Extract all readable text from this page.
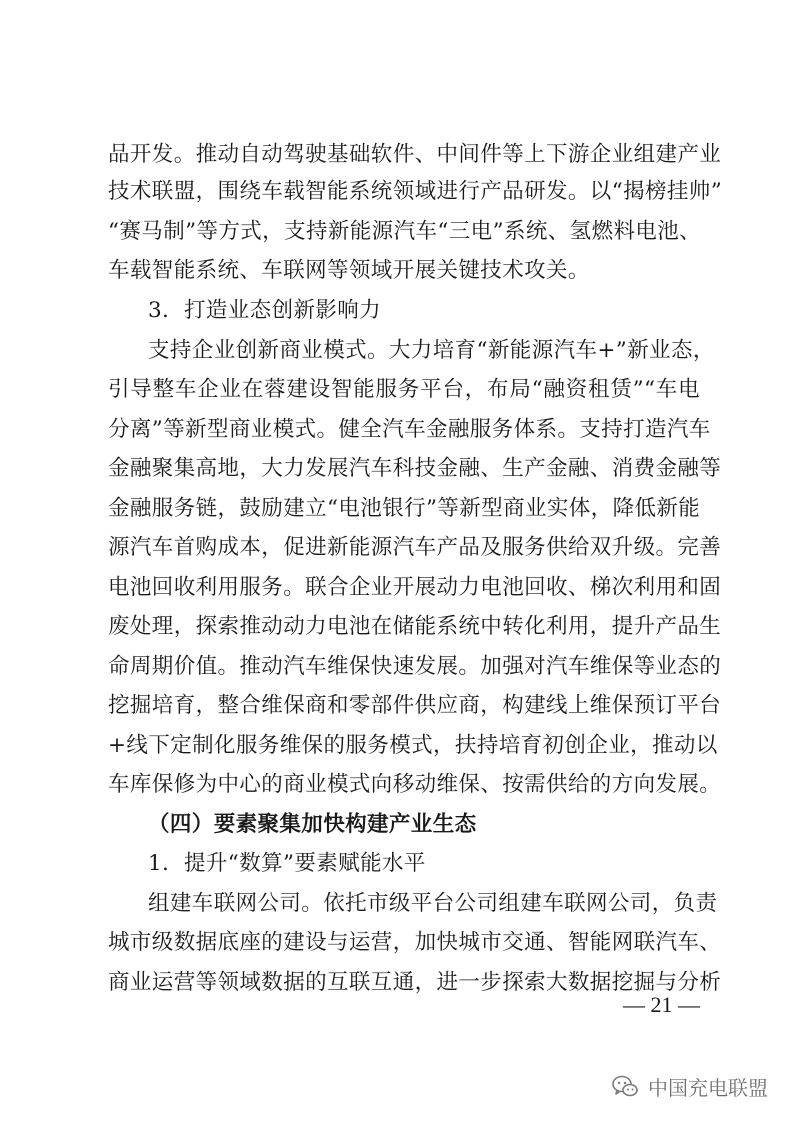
品开发。推动自动驾驶基础软件、中间件等上下游企业组建产业
技术联盟，围绕车载智能系统领域进行产品研发。以“揭榜挂帅”
“赛马制”等方式，支持新能源汽车“三电”系统、氢燃料电池、
车载智能系统、车联网等领域开展关键技术攻关。
3．打造业态创新影响力
支持企业创新商业模式。大力培育“新能源汽车+”新业态，
引导整车企业在蓉建设智能服务平台，布局“融资租赁”“车电
分离”等新型商业模式。健全汽车金融服务体系。支持打造汽车
金融聚集高地，大力发展汽车科技金融、生产金融、消费金融等
金融服务链，鼓励建立“电池银行”等新型商业实体，降低新能
源汽车首购成本，促进新能源汽车产品及服务供给双升级。完善
电池回收利用服务。联合企业开展动力电池回收、梯次利用和固
废处理，探索推动动力电池在储能系统中转化利用，提升产品生
命周期价值。推动汽车维保快速发展。加强对汽车维保等业态的
挖掘培育，整合维保商和零部件供应商，构建线上维保预订平台
+线下定制化服务维保的服务模式，扶持培育初创企业，推动以
车库保修为中心的商业模式向移动维保、按需供给的方向发展。
（四）要素聚集加快构建产业生态
1．提升“数算”要素赋能水平
组建车联网公司。依托市级平台公司组建车联网公司，负责
城市级数据底座的建设与运营，加快城市交通、智能网联汽车、
商业运营等领域数据的互联互通，进一步探索大数据挖掘与分析
— 21 —
中国充电联盟
